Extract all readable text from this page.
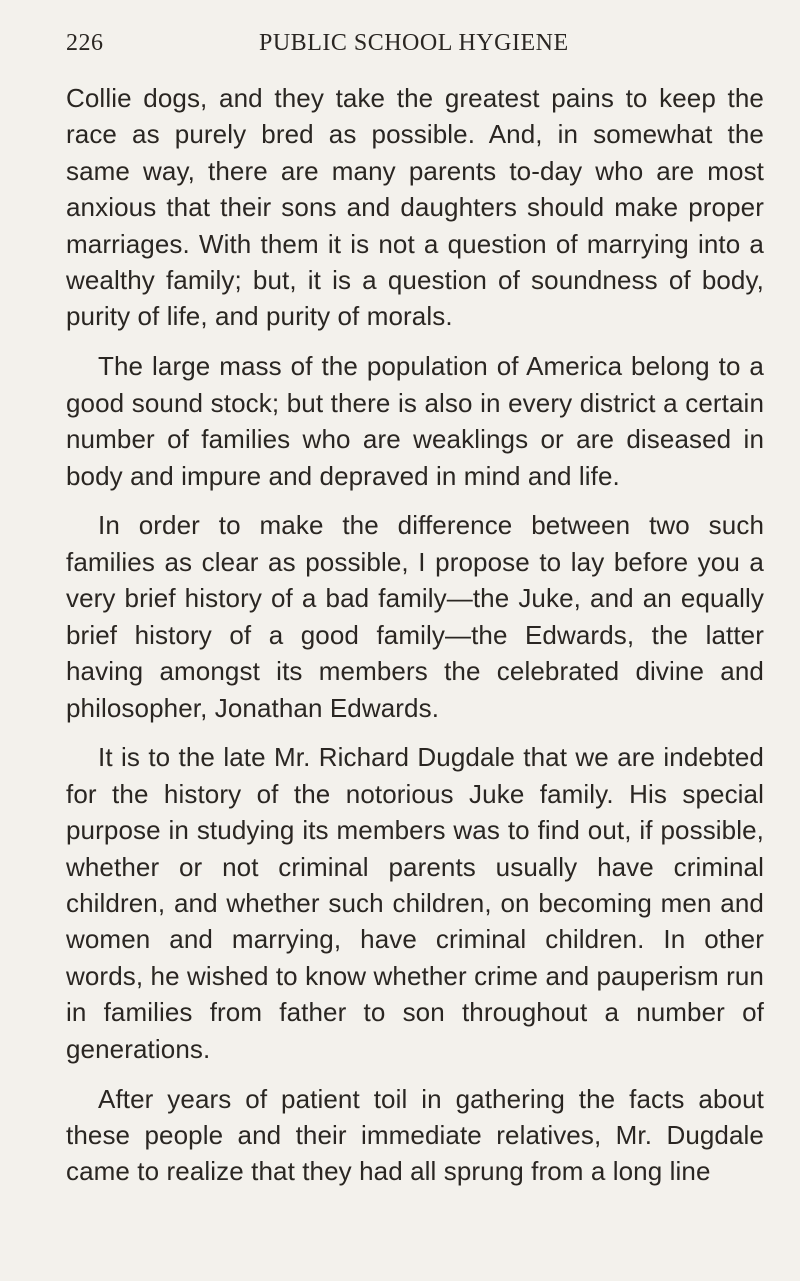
226	PUBLIC SCHOOL HYGIENE

Collie dogs, and they take the greatest pains to keep the race as purely bred as possible. And, in somewhat the same way, there are many parents to-day who are most anxious that their sons and daughters should make proper marriages. With them it is not a question of marrying into a wealthy family; but, it is a question of soundness of body, purity of life, and purity of morals.

The large mass of the population of America belong to a good sound stock; but there is also in every district a certain number of families who are weaklings or are diseased in body and impure and depraved in mind and life.

In order to make the difference between two such families as clear as possible, I propose to lay before you a very brief history of a bad family—the Juke, and an equally brief history of a good family—the Edwards, the latter having amongst its members the celebrated divine and philosopher, Jonathan Edwards.

It is to the late Mr. Richard Dugdale that we are indebted for the history of the notorious Juke family. His special purpose in studying its members was to find out, if possible, whether or not criminal parents usually have criminal children, and whether such children, on becoming men and women and marrying, have criminal children. In other words, he wished to know whether crime and pauperism run in families from father to son throughout a number of generations.

After years of patient toil in gathering the facts about these people and their immediate relatives, Mr. Dugdale came to realize that they had all sprung from a long line
